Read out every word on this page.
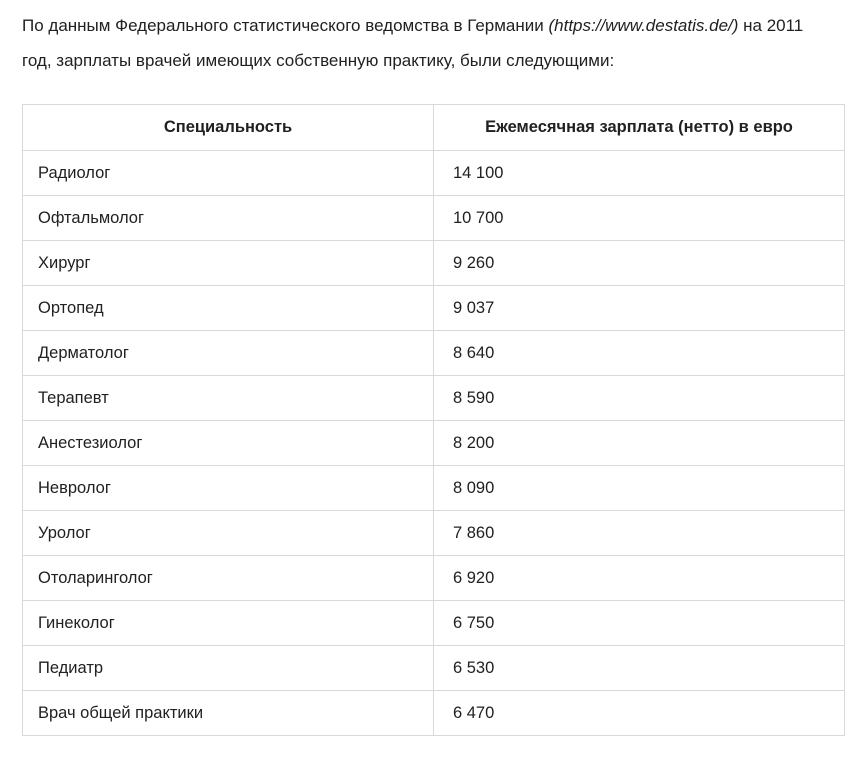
По данным Федерального статистического ведомства в Германии (https://www.destatis.de/) на 2011 год, зарплаты врачей имеющих собственную практику, были следующими:

Специальность	Ежемесячная зарплата (нетто) в евро
Радиолог	14 100
Офтальмолог	10 700
Хирург	9 260
Ортопед	9 037
Дерматолог	8 640
Терапевт	8 590
Анестезиолог	8 200
Невролог	8 090
Уролог	7 860
Отоларинголог	6 920
Гинеколог	6 750
Педиатр	6 530
Врач общей практики	6 470
